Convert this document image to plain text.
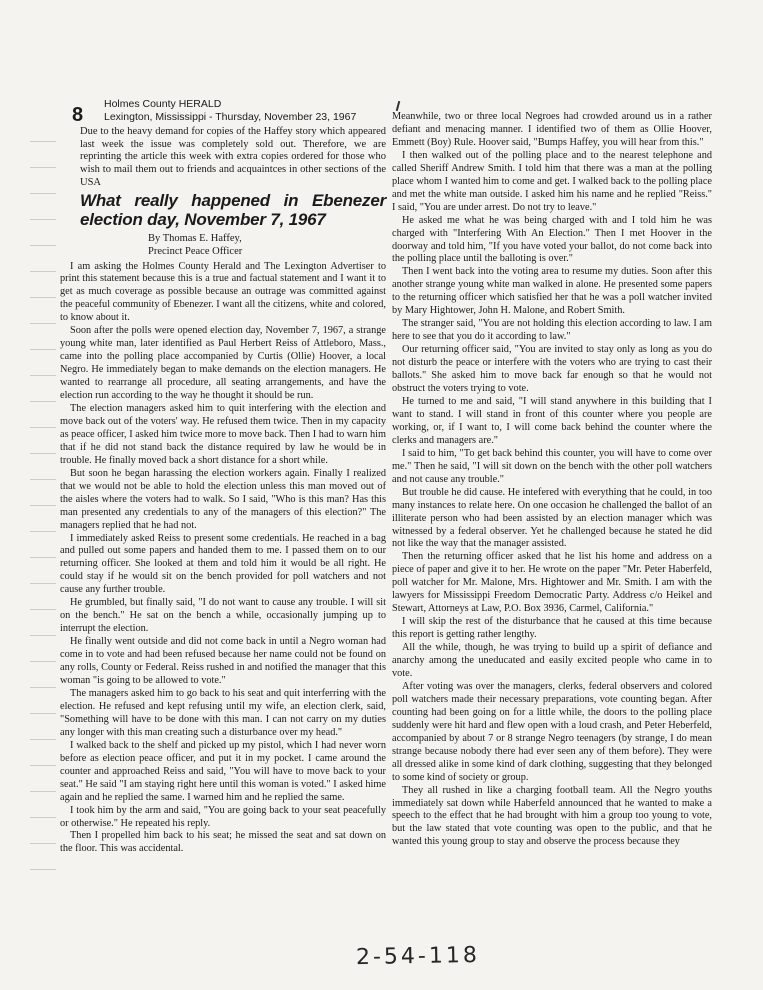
8 Holmes County HERALD
Lexington, Mississippi - Thursday, November 23, 1967

Due to the heavy demand for copies of the Haffey story which appeared last week the issue was completely sold out. Therefore, we are reprinting the article this week with extra copies ordered for those who wish to mail them out to friends and acquaintces in other sections of the USA

What really happened in Ebenezer election day, November 7, 1967
By Thomas E. Haffey,
Precinct Peace Officer

I am asking the Holmes County Herald and The Lexington Advertiser to print this statement because this is a true and factual statement and I want it to get as much coverage as possible because an outrage was committed against the peaceful community of Ebenezer. I want all the citizens, white and colored, to know about it.

Soon after the polls were opened election day, November 7, 1967, a strange young white man, later identified as Paul Herbert Reiss of Attleboro, Mass., came into the polling place accompanied by Curtis (Ollie) Hoover, a local Negro. He immediately began to make demands on the election managers. He wanted to rearrange all procedure, all seating arrangements, and have the election run according to the way he thought it should be run.

The election managers asked him to quit interfering with the election and move back out of the voters' way. He refused them twice. Then in my capacity as peace officer, I asked him twice more to move back. Then I had to warn him that if he did not stand back the distance required by law he would be in trouble. He finally moved back a short distance for a short while.

But soon he began harassing the election workers again. Finally I realized that we would not be able to hold the election unless this man moved out of the aisles where the voters had to walk. So I said, "Who is this man? Has this man presented any credentials to any of the managers of this election?" The managers replied that he had not.

I immediately asked Reiss to present some credentials. He reached in a bag and pulled out some papers and handed them to me. I passed them on to our returning officer. She looked at them and told him it would be all right. He could stay if he would sit on the bench provided for poll watchers and not cause any further trouble.

He grumbled, but finally said, "I do not want to cause any trouble. I will sit on the bench." He sat on the bench a while, occasionally jumping up to interrupt the election.

He finally went outside and did not come back in until a Negro woman had come in to vote and had been refused because her name could not be found on any rolls, County or Federal. Reiss rushed in and notified the manager that this woman "is going to be allowed to vote."

The managers asked him to go back to his seat and quit interferring with the election. He refused and kept refusing until my wife, an election clerk, said, "Something will have to be done with this man. I can not carry on my duties any longer with this man creating such a disturbance over my head."

I walked back to the shelf and picked up my pistol, which I had never worn before as election peace officer, and put it in my pocket. I came around the counter and approached Reiss and said, "You will have to move back to your seat." He said "I am staying right here until this woman is voted." I asked hime again and he replied the same. I warned him and he replied the same.

I took him by the arm and said, "You are going back to your seat peacefully or otherwise." He repeated his reply.

Then I propelled him back to his seat; he missed the seat and sat down on the floor. This was accidental.

Meanwhile, two or three local Negroes had crowded around us in a rather defiant and menacing manner. I identified two of them as Ollie Hoover, Emmett (Boy) Rule. Hoover said, "Bumps Haffey, you will hear from this."

I then walked out of the polling place and to the nearest telephone and called Sheriff Andrew Smith. I told him that there was a man at the polling place whom I wanted him to come and get. I walked back to the polling place and met the white man outside. I asked him his name and he replied "Reiss." I said, "You are under arrest. Do not try to leave."

He asked me what he was being charged with and I told him he was charged with "Interfering With An Election." Then I met Hoover in the doorway and told him, "If you have voted your ballot, do not come back into the polling place until the balloting is over."

Then I went back into the voting area to resume my duties. Soon after this another strange young white man walked in alone. He presented some papers to the returning officer which satisfied her that he was a poll watcher invited by Mary Hightower, John H. Malone, and Robert Smith.

The stranger said, "You are not holding this election according to law. I am here to see that you do it according to law."

Our returning officer said, "You are invited to stay only as long as you do not disturb the peace or interfere with the voters who are trying to cast their ballots." She asked him to move back far enough so that he would not obstruct the voters trying to vote.

He turned to me and said, "I will stand anywhere in this building that I want to stand. I will stand in front of this counter where you people are working, or, if I want to, I will come back behind the counter where the clerks and managers are."

I said to him, "To get back behind this counter, you will have to come over me." Then he said, "I will sit down on the bench with the other poll watchers and not cause any trouble."

But trouble he did cause. He intefered with everything that he could, in too many instances to relate here. On one occasion he challenged the ballot of an illiterate person who had been assisted by an election manager which was witnessed by a federal observer. Yet he challenged because he stated he did not like the way that the manager assisted.

Then the returning officer asked that he list his home and address on a piece of paper and give it to her. He wrote on the paper "Mr. Peter Haberfeld, poll watcher for Mr. Malone, Mrs. Hightower and Mr. Smith. I am with the lawyers for Mississippi Freedom Democratic Party. Address c/o Heikel and Stewart, Attorneys at Law, P.O. Box 3936, Carmel, California."

I will skip the rest of the disturbance that he caused at this time because this report is getting rather lengthy.

All the while, though, he was trying to build up a spirit of defiance and anarchy among the uneducated and easily excited people who came in to vote.

After voting was over the managers, clerks, federal observers and colored poll watchers made their necessary preparations, vote counting began. After counting had been going on for a little while, the doors to the polling place suddenly were hit hard and flew open with a loud crash, and Peter Heberfeld, accompanied by about 7 or 8 strange Negro teenagers (by strange, I do mean strange because nobody there had ever seen any of them before). They were all dressed alike in some kind of dark clothing, suggesting that they belonged to some kind of society or group.

They all rushed in like a charging football team. All the Negro youths immediately sat down while Haberfeld announced that he wanted to make a speech to the effect that he had brought with him a group too young to vote, but the law stated that vote counting was open to the public, and that he wanted this young group to stay and observe the process because they

2-54-118
